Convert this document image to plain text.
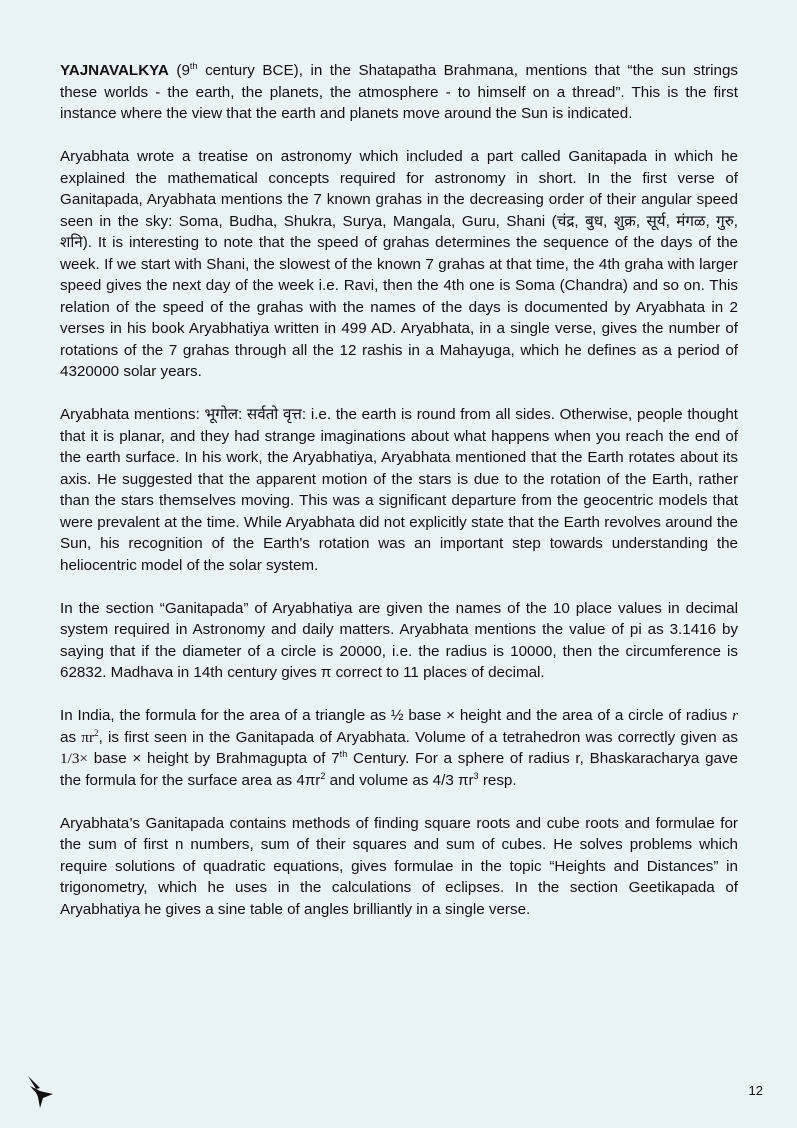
YAJNAVALKYA (9th century BCE), in the Shatapatha Brahmana, mentions that “the sun strings these worlds - the earth, the planets, the atmosphere - to himself on a thread”. This is the first instance where the view that the earth and planets move around the Sun is indicated.

Aryabhata wrote a treatise on astronomy which included a part called Ganitapada in which he explained the mathematical concepts required for astronomy in short. In the first verse of Ganitapada, Aryabhata mentions the 7 known grahas in the decreasing order of their angular speed seen in the sky: Soma, Budha, Shukra, Surya, Mangala, Guru, Shani (चंद्र, बुध, शुक्र, सूर्य, मंगळ, गुरु, शनि). It is interesting to note that the speed of grahas determines the sequence of the days of the week. If we start with Shani, the slowest of the known 7 grahas at that time, the 4th graha with larger speed gives the next day of the week i.e. Ravi, then the 4th one is Soma (Chandra) and so on. This relation of the speed of the grahas with the names of the days is documented by Aryabhata in 2 verses in his book Aryabhatiya written in 499 AD. Aryabhata, in a single verse, gives the number of rotations of the 7 grahas through all the 12 rashis in a Mahayuga, which he defines as a period of 4320000 solar years.

Aryabhata mentions: भूगोल: सर्वतो वृत्त: i.e. the earth is round from all sides. Otherwise, people thought that it is planar, and they had strange imaginations about what happens when you reach the end of the earth surface. In his work, the Aryabhatiya, Aryabhata mentioned that the Earth rotates about its axis. He suggested that the apparent motion of the stars is due to the rotation of the Earth, rather than the stars themselves moving. This was a significant departure from the geocentric models that were prevalent at the time. While Aryabhata did not explicitly state that the Earth revolves around the Sun, his recognition of the Earth's rotation was an important step towards understanding the heliocentric model of the solar system.

In the section “Ganitapada” of Aryabhatiya are given the names of the 10 place values in decimal system required in Astronomy and daily matters. Aryabhata mentions the value of pi as 3.1416 by saying that if the diameter of a circle is 20000, i.e. the radius is 10000, then the circumference is 62832. Madhava in 14th century gives π correct to 11 places of decimal.

In India, the formula for the area of a triangle as ½ base × height and the area of a circle of radius r as $\pi r^2$, is first seen in the Ganitapada of Aryabhata. Volume of a tetrahedron was correctly given as 1/3× base × height by Brahmagupta of 7th Century. For a sphere of radius r, Bhaskaracharya gave the formula for the surface area as $4\pi r^2$ and volume as 4/3 $\pi r^3$ resp.

Aryabhata’s Ganitapada contains methods of finding square roots and cube roots and formulae for the sum of first n numbers, sum of their squares and sum of cubes. He solves problems which require solutions of quadratic equations, gives formulae in the topic “Heights and Distances” in trigonometry, which he uses in the calculations of eclipses. In the section Geetikapada of Aryabhatiya he gives a sine table of angles brilliantly in a single verse.

12
